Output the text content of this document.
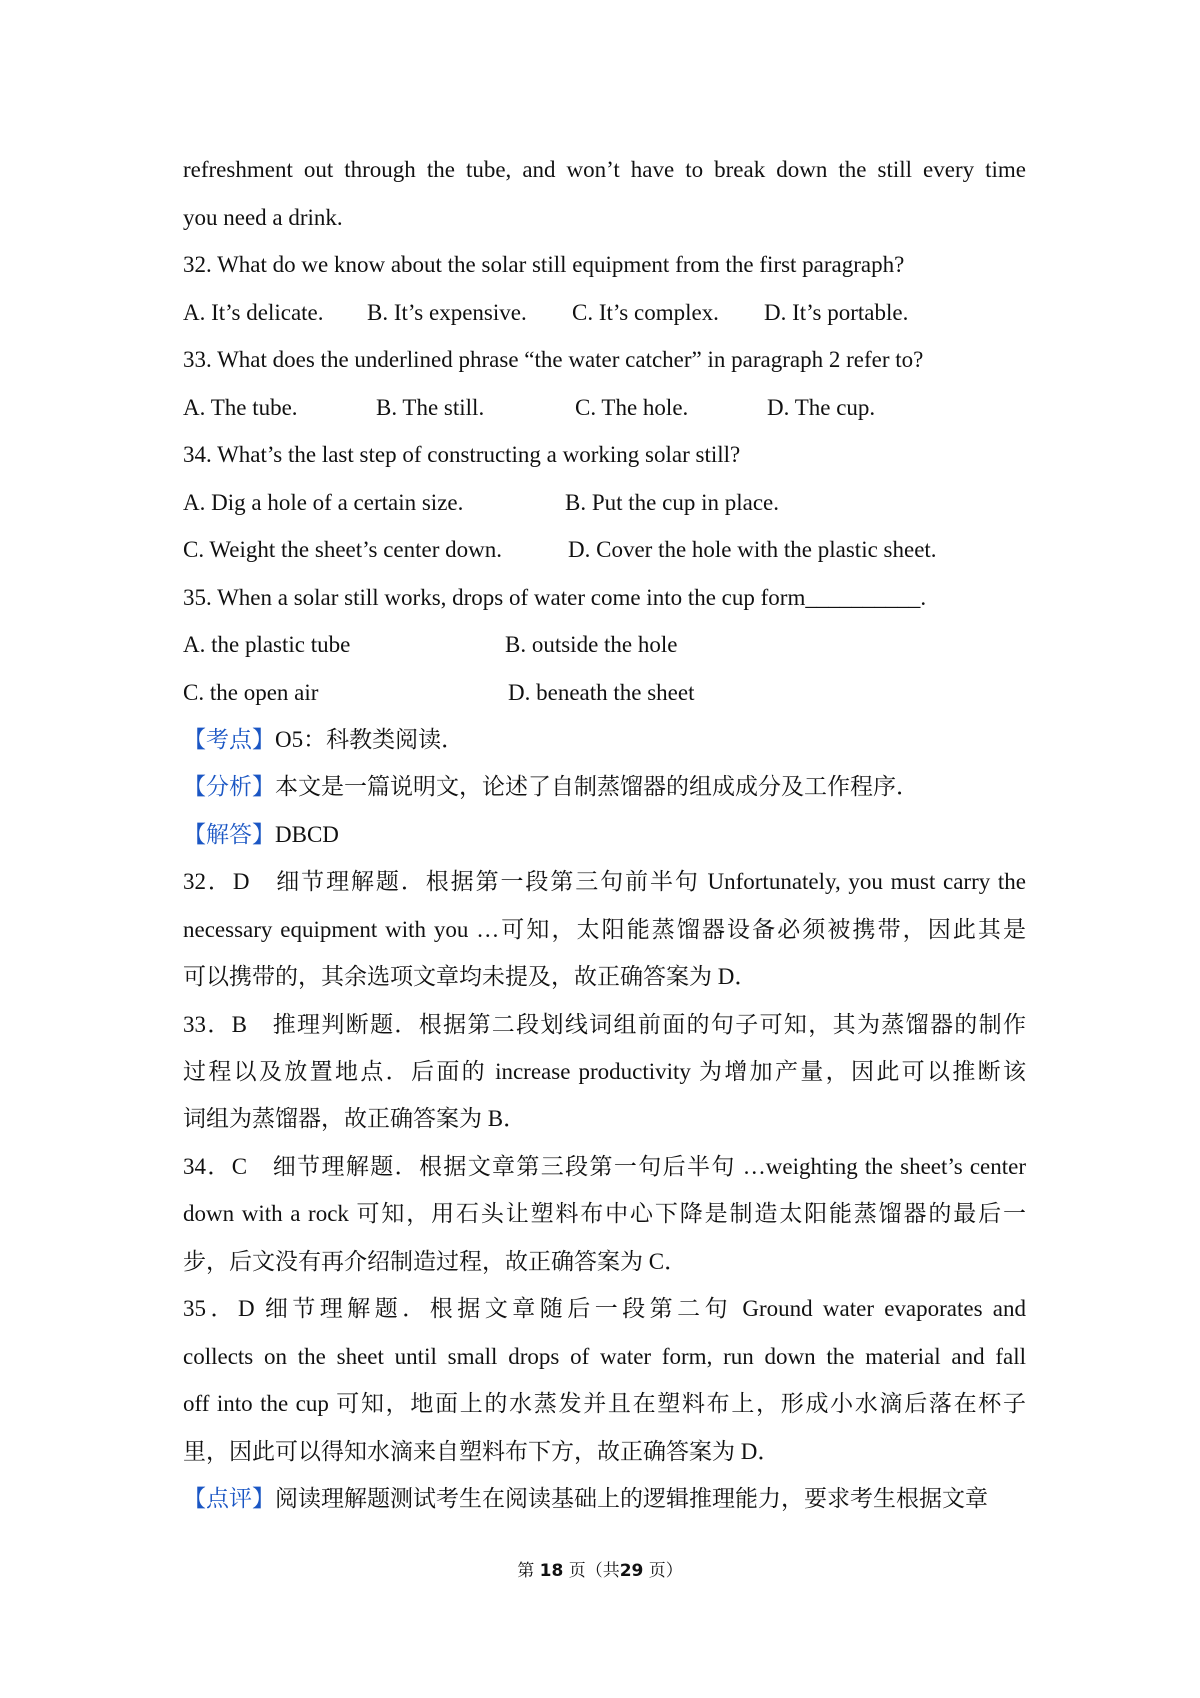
refreshment out through the tube, and won’t have to break down the still every time
you need a drink.
32. What do we know about the solar still equipment from the first paragraph?
A. It’s delicate. B. It’s expensive. C. It’s complex. D. It’s portable.
33. What does the underlined phrase “the water catcher” in paragraph 2 refer to?
A. The tube.	B. The still.	C. The hole.	D. The cup.
34. What’s the last step of constructing a working solar still?
A. Dig a hole of a certain size.	B. Put the cup in place.
C. Weight the sheet’s center down.	D. Cover the hole with the plastic sheet.
35. When a solar still works, drops of water come into the cup form__________.
A. the plastic tube	B. outside the hole
C. the open air	D. beneath the sheet
【考点】O5：科教类阅读．
【分析】本文是一篇说明文，论述了自制蒸馏器的组成成分及工作程序．
【解答】DBCD
32．D　细节理解题．根据第一段第三句前半句 Unfortunately, you must carry the
necessary equipment with you …可知，太阳能蒸馏器设备必须被携带，因此其是
可以携带的，其余选项文章均未提及，故正确答案为 D．
33．B　推理判断题．根据第二段划线词组前面的句子可知，其为蒸馏器的制作
过程以及放置地点．后面的 increase productivity 为增加产量，因此可以推断该
词组为蒸馏器，故正确答案为 B．
34．C　细节理解题．根据文章第三段第一句后半句 …weighting the sheet’s center
down with a rock 可知，用石头让塑料布中心下降是制造太阳能蒸馏器的最后一
步，后文没有再介绍制造过程，故正确答案为 C．
35．D 细节理解题．根据文章随后一段第二句 Ground water evaporates and
collects on the sheet until small drops of water form, run down the material and fall
off into the cup 可知，地面上的水蒸发并且在塑料布上，形成小水滴后落在杯子
里，因此可以得知水滴来自塑料布下方，故正确答案为 D．
【点评】阅读理解题测试考生在阅读基础上的逻辑推理能力，要求考生根据文章
第 18 页（共29 页）
